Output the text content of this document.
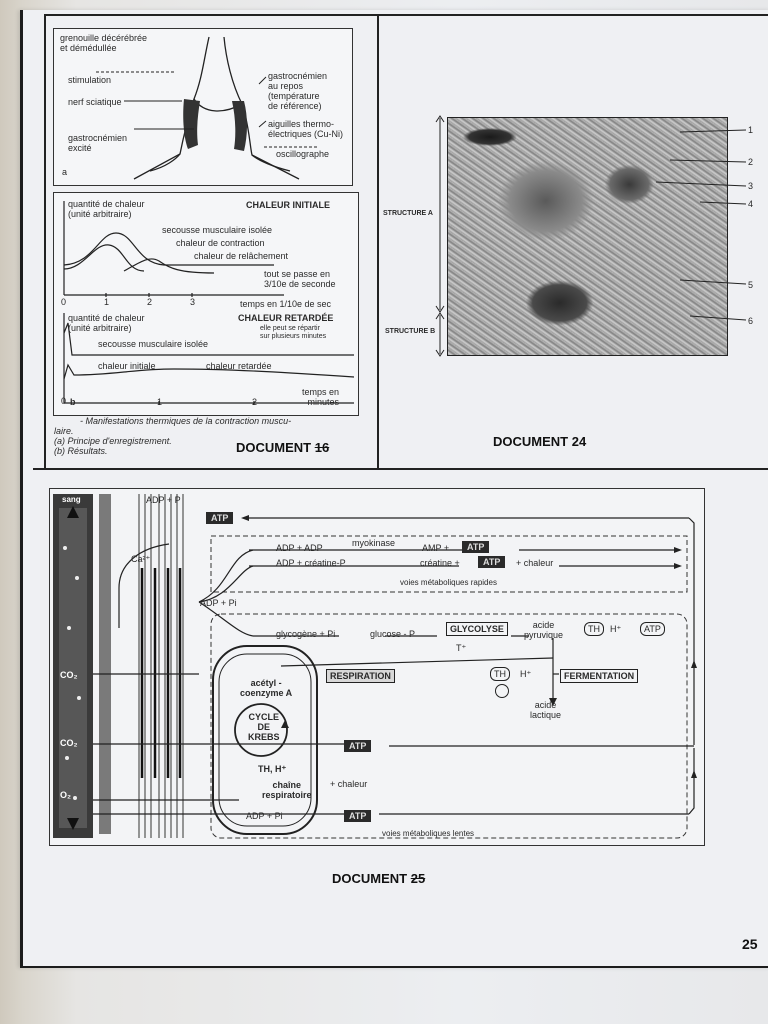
grenouille décérébrée
et démédullée
stimulation
nerf sciatique
gastrocnémien
excité
gastrocnémien
au repos
(température
de référence)
aiguilles thermo-
électriques (Cu-Ni)
oscillographe
a
quantité de chaleur
(unité arbitraire)
CHALEUR INITIALE
secousse musculaire isolée
chaleur de contraction
chaleur de relâchement
tout se passe en
3/10e de seconde
0	1	2	3	temps en 1/10e de sec
quantité de chaleur
(unité arbitraire)
CHALEUR RETARDÉE
elle peut se répartir
sur plusieurs minutes
secousse musculaire isolée
chaleur initiale	chaleur retardée
temps en
minutes
0 b	1	2
- Manifestations thermiques de la contraction muscu-
laire.
(a) Principe d'enregistrement.
(b) Résultats.	DOCUMENT 16
STRUCTURE A
STRUCTURE B
1
2
3
4
5
6
DOCUMENT 24
sang	ADP + P
ATP
Ca²⁺
ADP + Pi
ADP + ADP	myokinase	AMP +	ATP
ADP + créatine-P	créatine +	ATP	+ chaleur
voies métaboliques rapides
glycogène + Pi	glucose - P	GLYCOLYSE
T⁺
acide
pyruvique
TH	H⁺	ATP
RESPIRATION	TH	H⁺	FERMENTATION
acide
lactique
acétyl -
coenzyme A
CYCLE
DE
KREBS
CO₂
CO₂
O₂
ATP
TH, H⁺
chaîne
respiratoire
+ chaleur
ADP + Pi	ATP
voies métaboliques lentes
DOCUMENT 25
25
